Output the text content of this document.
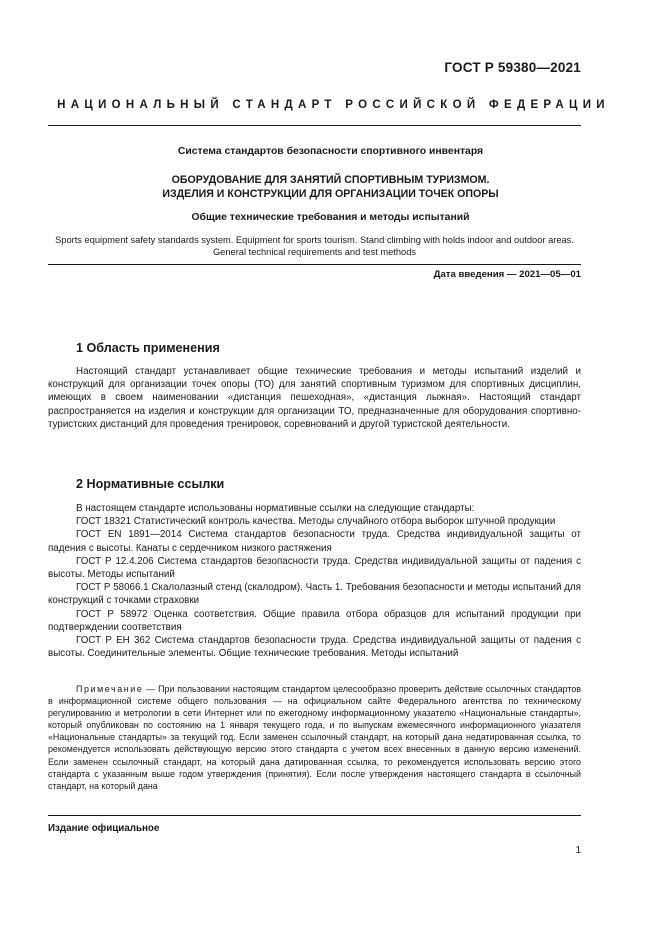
ГОСТ Р 59380—2021
НАЦИОНАЛЬНЫЙ СТАНДАРТ РОССИЙСКОЙ ФЕДЕРАЦИИ
Система стандартов безопасности спортивного инвентаря
ОБОРУДОВАНИЕ ДЛЯ ЗАНЯТИЙ СПОРТИВНЫМ ТУРИЗМОМ.
ИЗДЕЛИЯ И КОНСТРУКЦИИ ДЛЯ ОРГАНИЗАЦИИ ТОЧЕК ОПОРЫ
Общие технические требования и методы испытаний
Sports equipment safety standards system. Equipment for sports tourism. Stand climbing with holds indoor and outdoor areas. General technical requirements and test methods
Дата введения — 2021—05—01
1 Область применения
Настоящий стандарт устанавливает общие технические требования и методы испытаний изделий и конструкций для организации точек опоры (ТО) для занятий спортивным туризмом для спортивных дисциплин, имеющих в своем наименовании «дистанция пешеходная», «дистанция лыжная». Настоящий стандарт распространяется на изделия и конструкции для организации ТО, предназначенные для оборудования спортивно-туристских дистанций для проведения тренировок, соревнований и другой туристской деятельности.
2 Нормативные ссылки

В настоящем стандарте использованы нормативные ссылки на следующие стандарты:

ГОСТ 18321 Статистический контроль качества. Методы случайного отбора выборок штучной продукции

ГОСТ EN 1891—2014 Система стандартов безопасности труда. Средства индивидуальной защиты от падения с высоты. Канаты с сердечником низкого растяжения

ГОСТ Р 12.4.206 Система стандартов безопасности труда. Средства индивидуальной защиты от падения с высоты. Методы испытаний

ГОСТ Р 58066.1 Скалолазный стенд (скалодром). Часть 1. Требования безопасности и методы испытаний для конструкций с точками страховки

ГОСТ Р 58972 Оценка соответствия. Общие правила отбора образцов для испытаний продукции при подтверждении соответствия

ГОСТ Р ЕН 362 Система стандартов безопасности труда. Средства индивидуальной защиты от падения с высоты. Соединительные элементы. Общие технические требования. Методы испытаний

Примечание — При пользовании настоящим стандартом целесообразно проверить действие ссылочных стандартов в информационной системе общего пользования — на официальном сайте Федерального агентства по техническому регулированию и метрологии в сети Интернет или по ежегодному информационному указателю «Национальные стандарты», который опубликован по состоянию на 1 января текущего года, и по выпускам ежемесячного информационного указателя «Национальные стандарты» за текущий год. Если заменен ссылочный стандарт, на который дана недатированная ссылка, то рекомендуется использовать действующую версию этого стандарта с учетом всех внесенных в данную версию изменений. Если заменен ссылочный стандарт, на который дана датированная ссылка, то рекомендуется использовать версию этого стандарта с указанным выше годом утверждения (принятия). Если после утверждения настоящего стандарта в ссылочный стандарт, на который дана
Издание официальное
1
